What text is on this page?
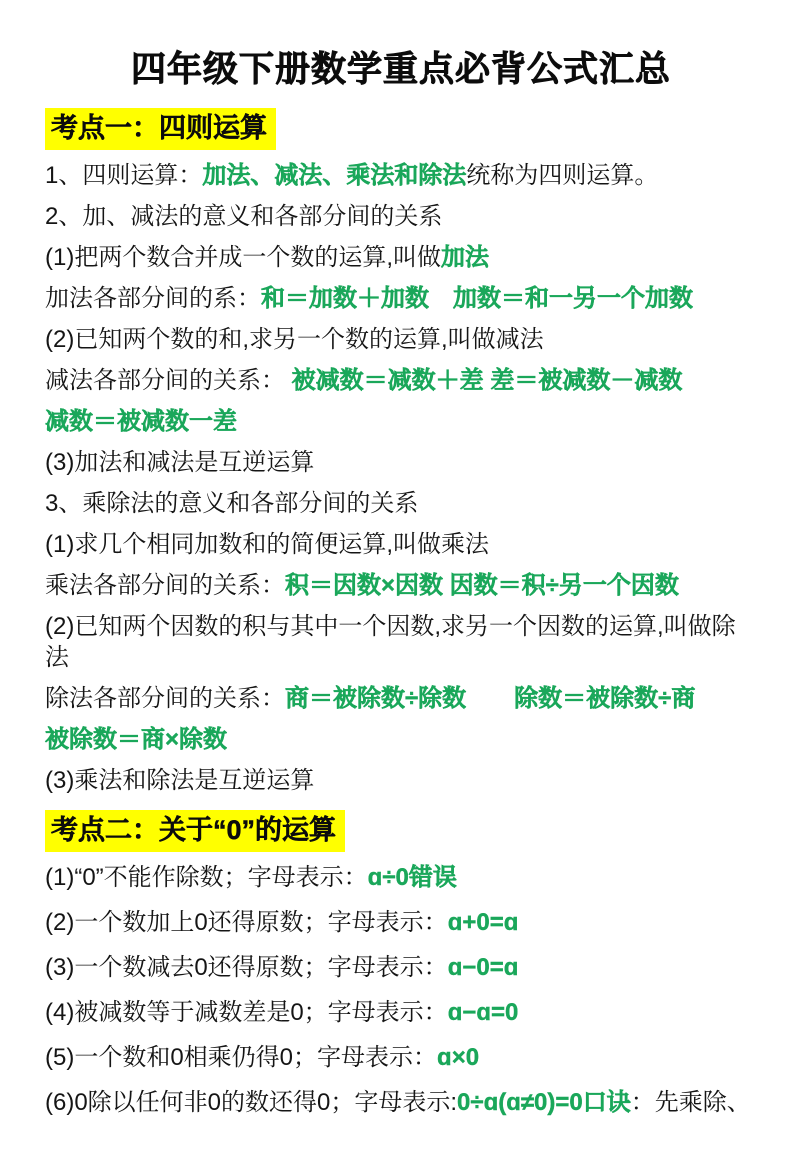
四年级下册数学重点必背公式汇总
考点一：四则运算

1、四则运算：加法、减法、乘法和除法统称为四则运算。

2、加、减法的意义和各部分间的关系

(1)把两个数合并成一个数的运算,叫做加法

加法各部分间的系：和＝加数＋加数　加数＝和一另一个加数

(2)已知两个数的和,求另一个数的运算,叫做减法

减法各部分间的关系： 被减数＝减数＋差 差＝被减数－减数

减数＝被减数一差

(3)加法和减法是互逆运算

3、乘除法的意义和各部分间的关系

(1)求几个相同加数和的简便运算,叫做乘法

乘法各部分间的关系：积＝因数×因数 因数＝积÷另一个因数

(2)已知两个因数的积与其中一个因数,求另一个因数的运算,叫做除法

除法各部分间的关系：商＝被除数÷除数　　除数＝被除数÷商

被除数＝商×除数

(3)乘法和除法是互逆运算

考点二：关于“0”的运算

(1)“0”不能作除数；字母表示：ɑ÷0错误

(2)一个数加上0还得原数；字母表示：ɑ+0=ɑ

(3)一个数减去0还得原数；字母表示：ɑ−0=ɑ

(4)被减数等于减数差是0；字母表示：ɑ−ɑ=0

(5)一个数和0相乘仍得0；字母表示：ɑ×0

(6)0除以任何非0的数还得0；字母表示:0÷ɑ(ɑ≠0)=0口诀：先乘除、
